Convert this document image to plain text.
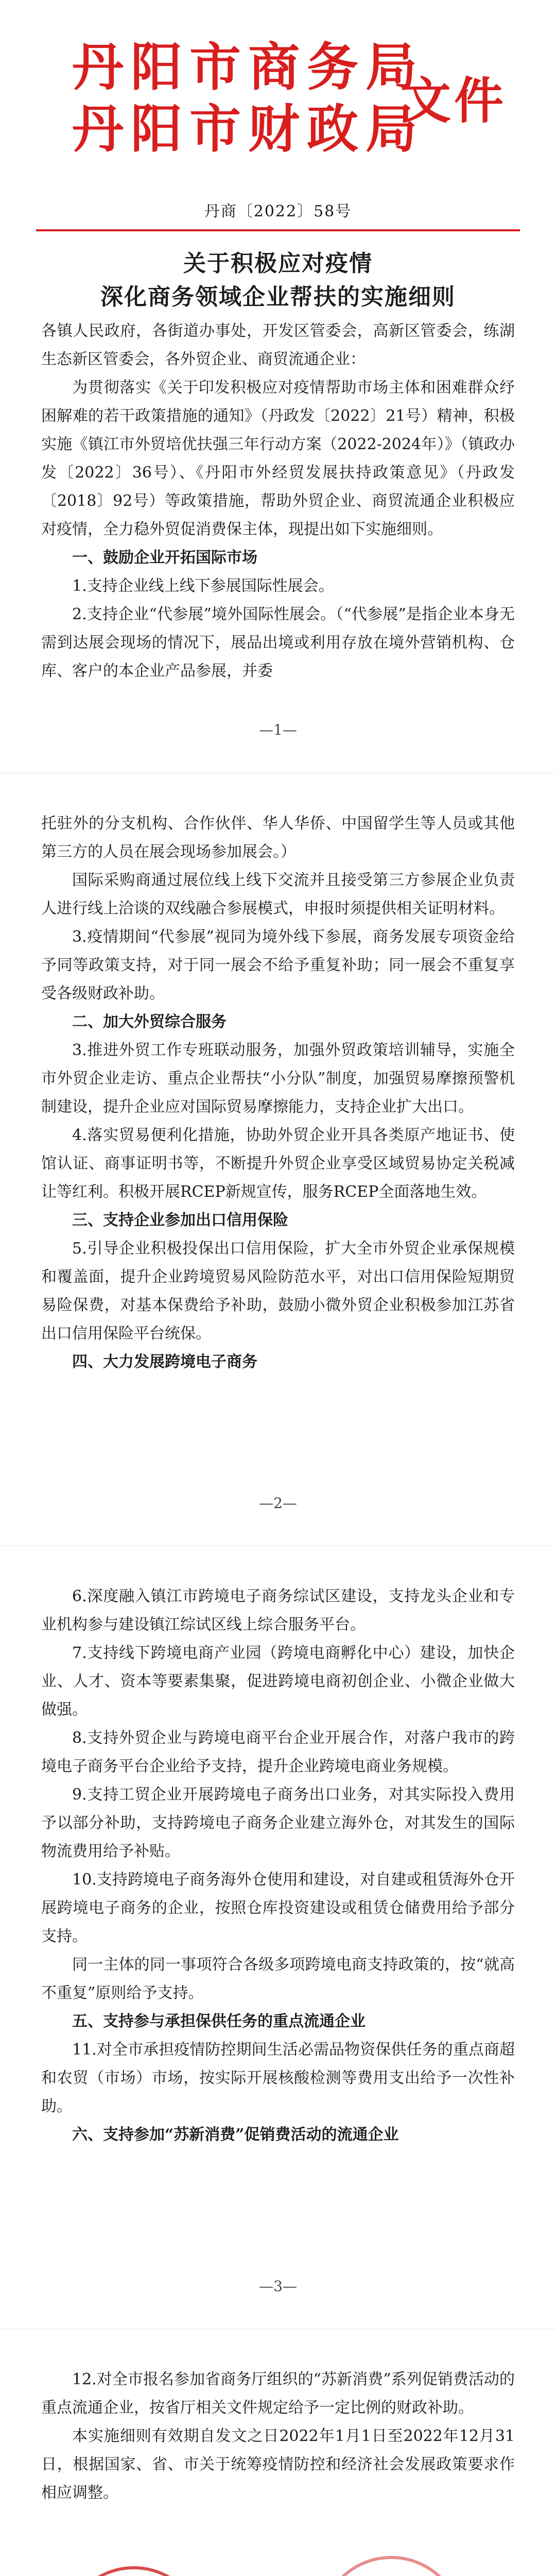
丹阳市商务局
丹阳市财政局
文件
丹商〔2022〕58号
关于积极应对疫情
深化商务领域企业帮扶的实施细则

各镇人民政府，各街道办事处，开发区管委会，高新区管委会，练湖生态新区管委会，各外贸企业、商贸流通企业：

为贯彻落实《关于印发积极应对疫情帮助市场主体和困难群众纾困解难的若干政策措施的通知》（丹政发〔2022〕21号）精神，积极实施《镇江市外贸培优扶强三年行动方案（2022-2024年）》（镇政办发〔2022〕36号）、《丹阳市外经贸发展扶持政策意见》（丹政发〔2018〕92号）等政策措施，帮助外贸企业、商贸流通企业积极应对疫情，全力稳外贸促消费保主体，现提出如下实施细则。

一、鼓励企业开拓国际市场

1.支持企业线上线下参展国际性展会。

2.支持企业“代参展”境外国际性展会。（“代参展”是指企业本身无需到达展会现场的情况下，展品出境或利用存放在境外营销机构、仓库、客户的本企业产品参展，并委

—1—

托驻外的分支机构、合作伙伴、华人华侨、中国留学生等人员或其他第三方的人员在展会现场参加展会。）

国际采购商通过展位线上线下交流并且接受第三方参展企业负责人进行线上洽谈的双线融合参展模式，申报时须提供相关证明材料。

3.疫情期间“代参展”视同为境外线下参展，商务发展专项资金给予同等政策支持，对于同一展会不给予重复补助；同一展会不重复享受各级财政补助。

二、加大外贸综合服务

3.推进外贸工作专班联动服务，加强外贸政策培训辅导，实施全市外贸企业走访、重点企业帮扶“小分队”制度，加强贸易摩擦预警机制建设，提升企业应对国际贸易摩擦能力，支持企业扩大出口。

4.落实贸易便利化措施，协助外贸企业开具各类原产地证书、使馆认证、商事证明书等，不断提升外贸企业享受区域贸易协定关税减让等红利。积极开展RCEP新规宣传，服务RCEP全面落地生效。

三、支持企业参加出口信用保险

5.引导企业积极投保出口信用保险，扩大全市外贸企业承保规模和覆盖面，提升企业跨境贸易风险防范水平，对出口信用保险短期贸易险保费，对基本保费给予补助，鼓励小微外贸企业积极参加江苏省出口信用保险平台统保。

四、大力发展跨境电子商务

—2—

6.深度融入镇江市跨境电子商务综试区建设，支持龙头企业和专业机构参与建设镇江综试区线上综合服务平台。

7.支持线下跨境电商产业园（跨境电商孵化中心）建设，加快企业、人才、资本等要素集聚，促进跨境电商初创企业、小微企业做大做强。

8.支持外贸企业与跨境电商平台企业开展合作，对落户我市的跨境电子商务平台企业给予支持，提升企业跨境电商业务规模。

9.支持工贸企业开展跨境电子商务出口业务，对其实际投入费用予以部分补助，支持跨境电子商务企业建立海外仓，对其发生的国际物流费用给予补贴。

10.支持跨境电子商务海外仓使用和建设，对自建或租赁海外仓开展跨境电子商务的企业，按照仓库投资建设或租赁仓储费用给予部分支持。

同一主体的同一事项符合各级多项跨境电商支持政策的，按“就高不重复”原则给予支持。

五、支持参与承担保供任务的重点流通企业

11.对全市承担疫情防控期间生活必需品物资保供任务的重点商超和农贸（市场）市场，按实际开展核酸检测等费用支出给予一次性补助。

六、支持参加“苏新消费”促销费活动的流通企业

—3—

12.对全市报名参加省商务厅组织的“苏新消费”系列促销费活动的重点流通企业，按省厅相关文件规定给予一定比例的财政补助。

本实施细则有效期自发文之日2022年1月1日至2022年12月31日，根据国家、省、市关于统筹疫情防控和经济社会发展政策要求作相应调整。
